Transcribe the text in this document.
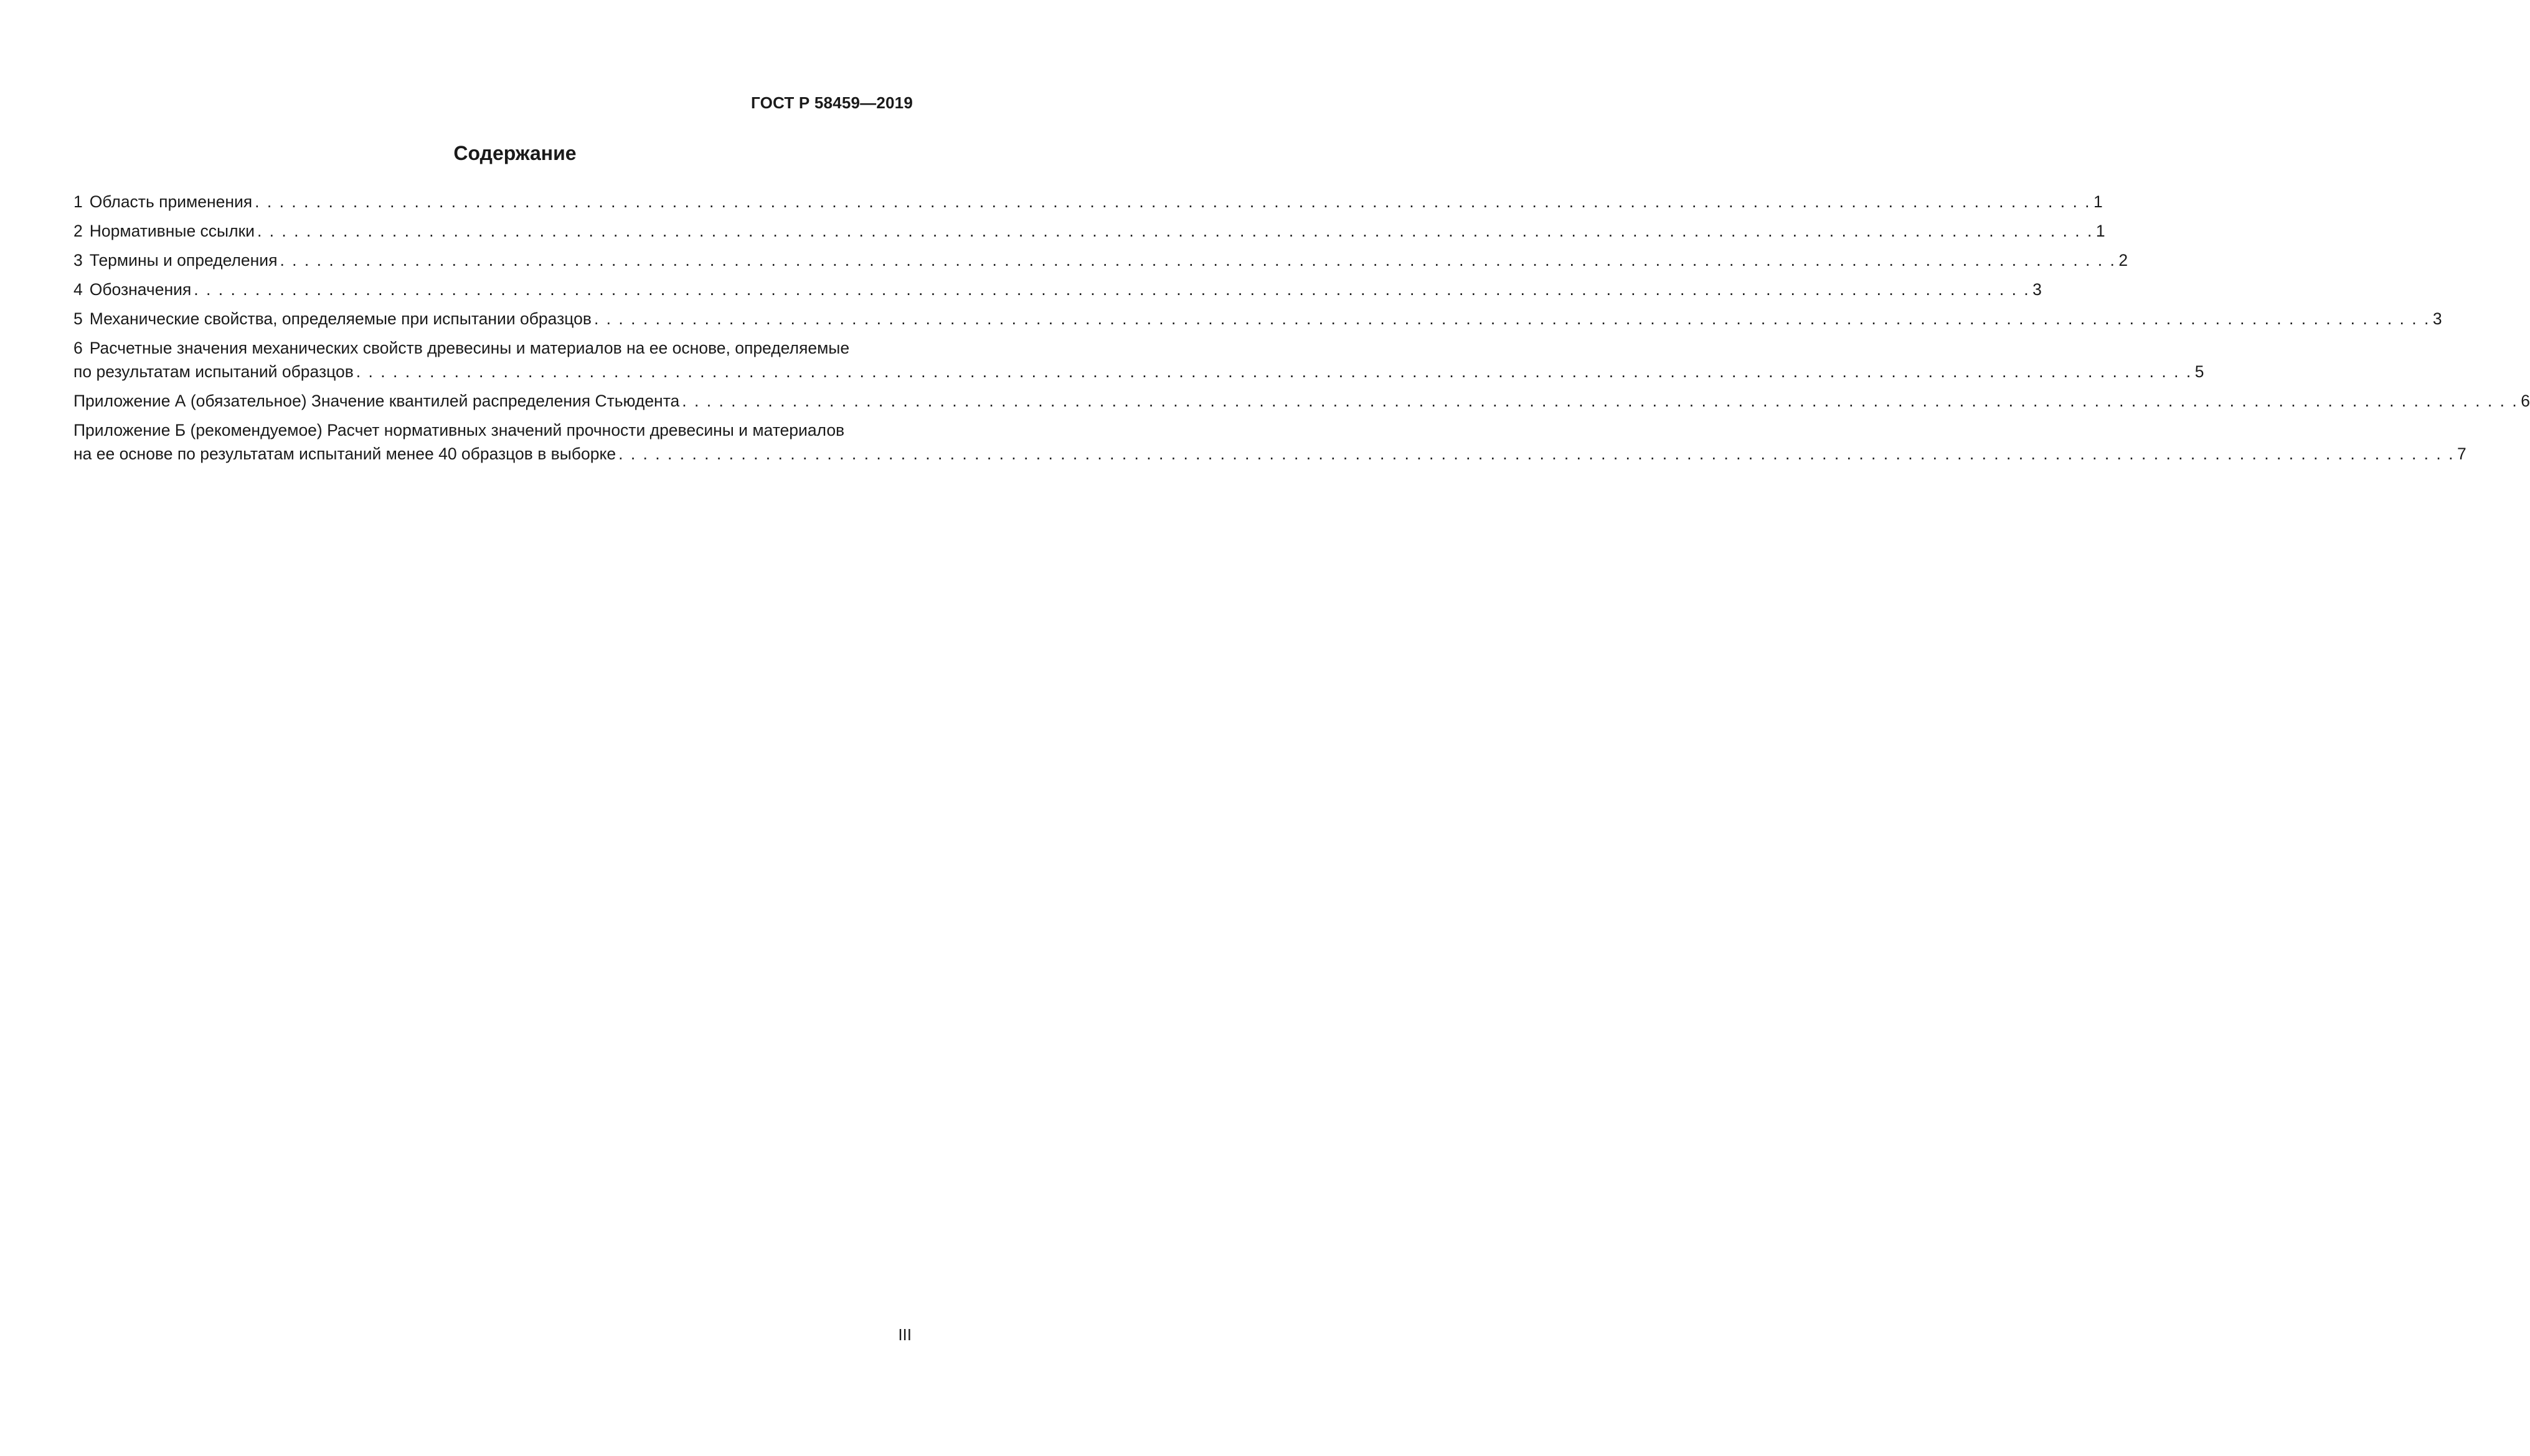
ГОСТ Р 58459—2019
Содержание
1 Область применения . . . . . . . . . . . . . . . . . . . . . . . . . . . . . . . . . . . . . . . . . . . . . . . . . . . . . . . . . . . . . . . . . . . . . . . . . . . . . . . . . . . . . . . . . . . . . . . . . . . . . . . . . . . . . . . . . . . . . . . . . . . . . . . . . . . . . . . . . . . . . . . . . . . . . . 1
2 Нормативные ссылки . . . . . . . . . . . . . . . . . . . . . . . . . . . . . . . . . . . . . . . . . . . . . . . . . . . . . . . . . . . . . . . . . . . . . . . . . . . . . . . . . . . . . . . . . . . . . . . . . . . . . . . . . . . . . . . . . . . . . . . . . . . . . . . . . . . . . . . . . . . . . . . . . . . . . . 1
3 Термины и определения . . . . . . . . . . . . . . . . . . . . . . . . . . . . . . . . . . . . . . . . . . . . . . . . . . . . . . . . . . . . . . . . . . . . . . . . . . . . . . . . . . . . . . . . . . . . . . . . . . . . . . . . . . . . . . . . . . . . . . . . . . . . . . . . . . . . . . . . . . . . . . . . . . . . . . 2
4 Обозначения . . . . . . . . . . . . . . . . . . . . . . . . . . . . . . . . . . . . . . . . . . . . . . . . . . . . . . . . . . . . . . . . . . . . . . . . . . . . . . . . . . . . . . . . . . . . . . . . . . . . . . . . . . . . . . . . . . . . . . . . . . . . . . . . . . . . . . . . . . . . . . . . . . . . . . 3
5 Механические свойства, определяемые при испытании образцов . . . . . . . . . . . . . . . . . . . . . . . . . . . . . . . . . . . . . . . . . . . . . . . . . . . . . . . . . . . . . . . . . . . . . . . . . . . . . . . . . . . . . . . . . . . . . . . . . . . . . . . . . . . . . . . . . . . . . . . . . . . . . . . . . . . . . . . . . . . . . . . . . . . . . . 3
6 Расчетные значения механических свойств древесины и материалов на ее основе, определяемые
по результатам испытаний образцов . . . . . . . . . . . . . . . . . . . . . . . . . . . . . . . . . . . . . . . . . . . . . . . . . . . . . . . . . . . . . . . . . . . . . . . . . . . . . . . . . . . . . . . . . . . . . . . . . . . . . . . . . . . . . . . . . . . . . . . . . . . . . . . . . . . . . . . . . . . . . . . . . . . . . . 5
Приложение А (обязательное) Значение квантилей распределения Стьюдента . . . . . . . . . . . . . . . . . . . . . . . . . . . . . . . . . . . . . . . . . . . . . . . . . . . . . . . . . . . . . . . . . . . . . . . . . . . . . . . . . . . . . . . . . . . . . . . . . . . . . . . . . . . . . . . . . . . . . . . . . . . . . . . . . . . . . . . . . . . . . . . . . . . . . . 6
Приложение Б (рекомендуемое) Расчет нормативных значений прочности древесины и материалов
на ее основе по результатам испытаний менее 40 образцов в выборке . . . . . . . . . . . . . . . . . . . . . . . . . . . . . . . . . . . . . . . . . . . . . . . . . . . . . . . . . . . . . . . . . . . . . . . . . . . . . . . . . . . . . . . . . . . . . . . . . . . . . . . . . . . . . . . . . . . . . . . . . . . . . . . . . . . . . . . . . . . . . . . . . . . . . . 7
III
